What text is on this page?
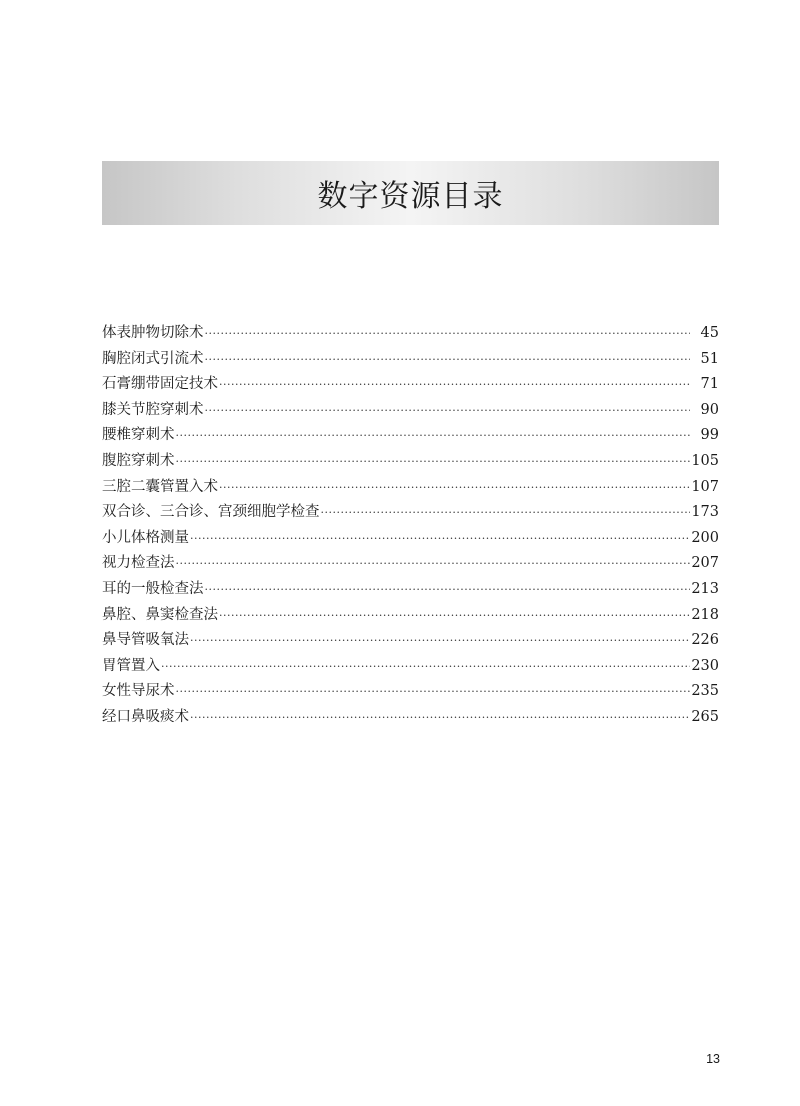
数字资源目录
体表肿物切除术 ·····	45
胸腔闭式引流术 ·····	51
石膏绷带固定技术 ·····	71
膝关节腔穿刺术 ·····	90
腰椎穿刺术 ·····	99
腹腔穿刺术 ·····	105
三腔二囊管置入术 ·····	107
双合诊、三合诊、宫颈细胞学检查 ·····	173
小儿体格测量 ·····	200
视力检查法 ·····	207
耳的一般检查法 ·····	213
鼻腔、鼻窦检查法 ·····	218
鼻导管吸氧法 ·····	226
胃管置入 ·····	230
女性导尿术 ·····	235
经口鼻吸痰术 ·····	265
13
